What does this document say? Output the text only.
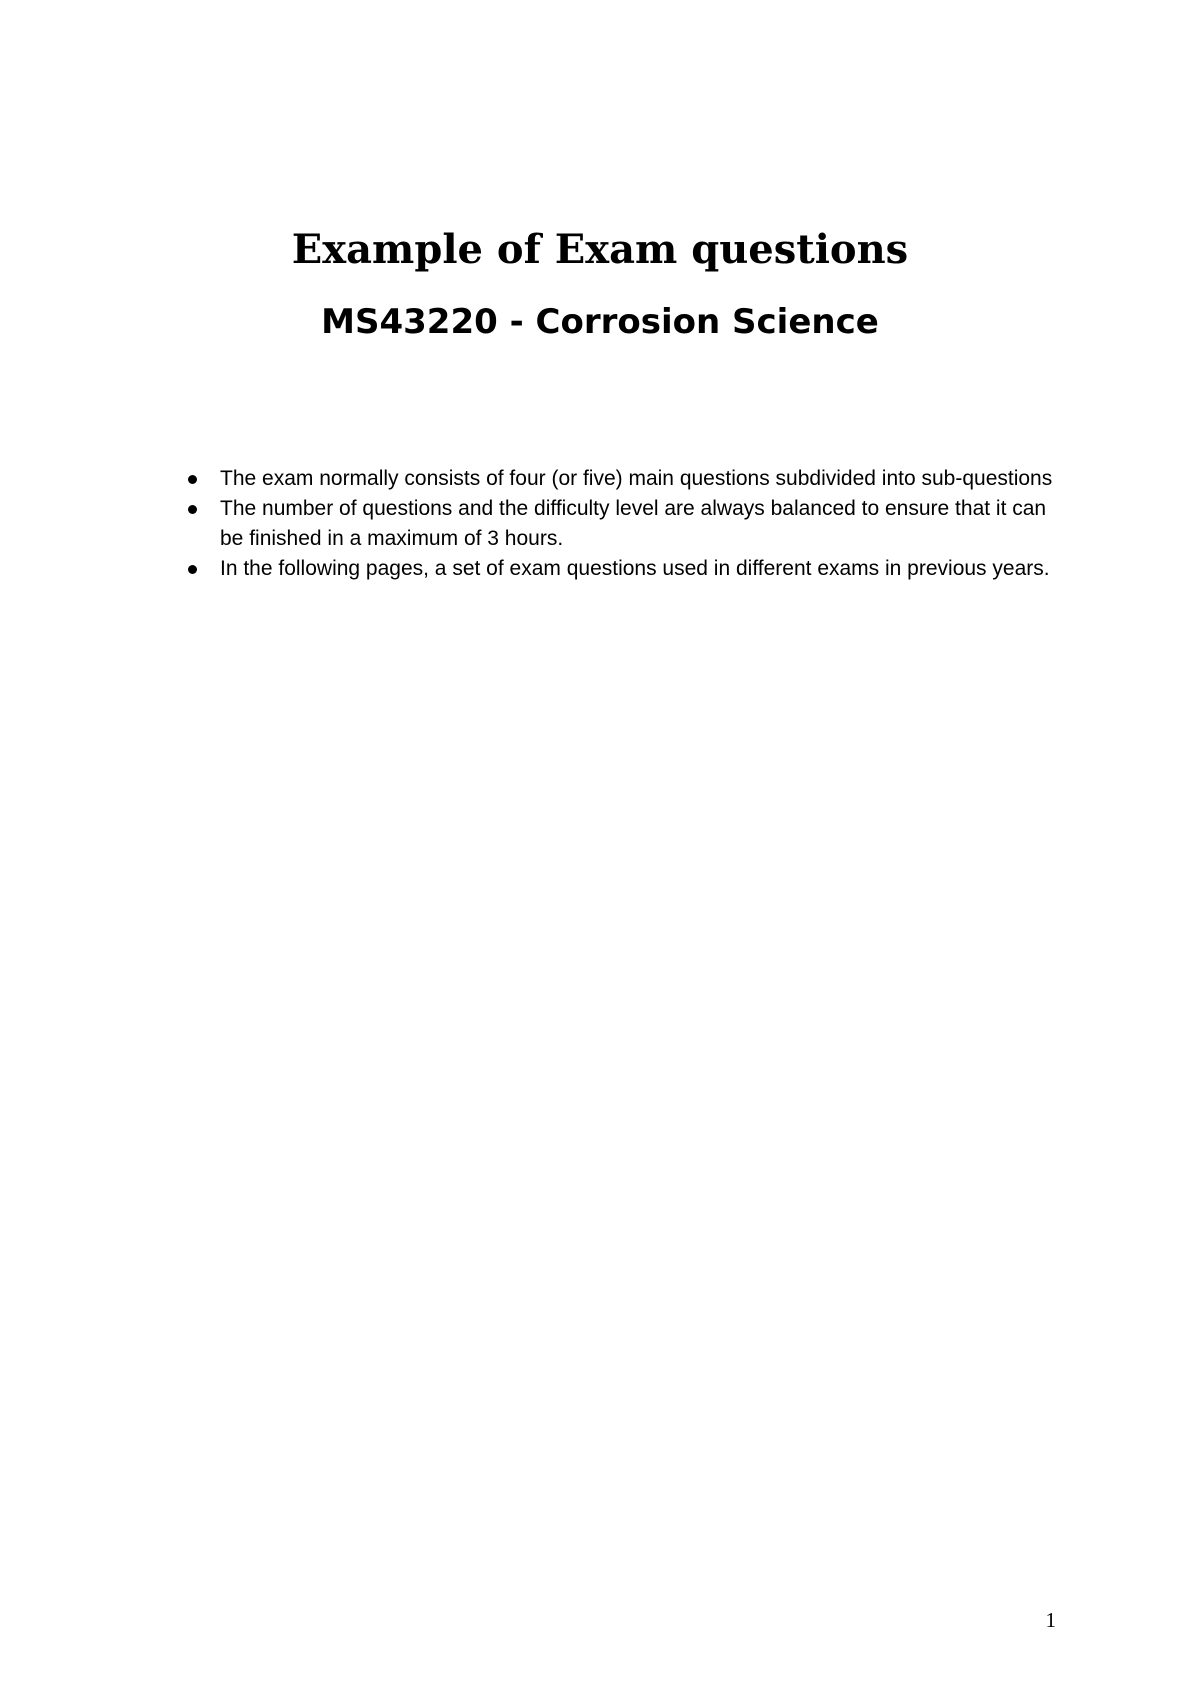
Example of Exam questions
MS43220 - Corrosion Science
The exam normally consists of four (or five) main questions subdivided into sub-questions
The number of questions and the difficulty level are always balanced to ensure that it can be finished in a maximum of 3 hours.
In the following pages, a set of exam questions used in different exams in previous years.
1
